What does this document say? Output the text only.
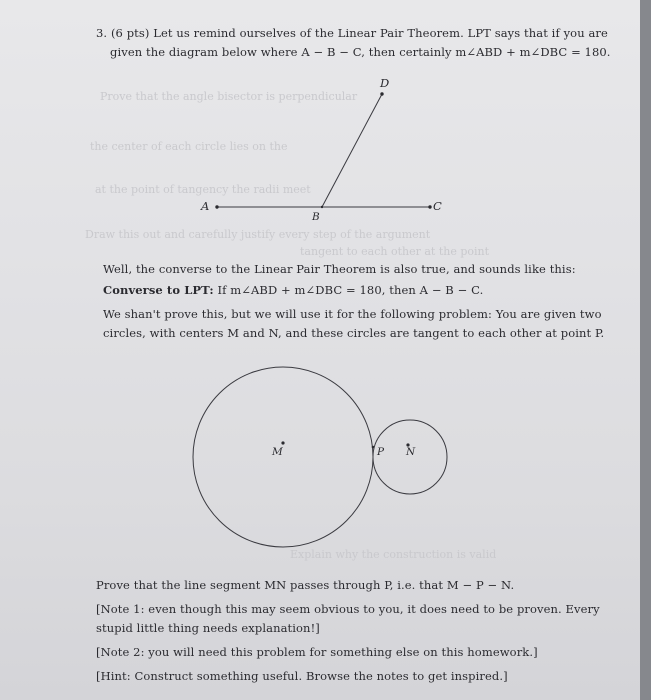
Prove that the angle bisector is perpendicular
the center of each circle lies on the
at the point of tangency the radii meet
Draw this out and carefully justify every step of the argument
tangent to each other at the point
Explain why the construction is valid
3. (6 pts) Let us remind ourselves of the Linear Pair Theorem. LPT says that if you are
given the diagram below where A − B − C, then certainly m∠ABD + m∠DBC = 180.
A	C
D
B
Well, the converse to the Linear Pair Theorem is also true, and sounds like this:
Converse to LPT: If m∠ABD + m∠DBC = 180, then A − B − C.
We shan't prove this, but we will use it for the following problem: You are given two
circles, with centers M and N, and these circles are tangent to each other at point P.
M	P N
Prove that the line segment MN passes through P, i.e. that M − P − N.
[Note 1: even though this may seem obvious to you, it does need to be proven. Every
stupid little thing needs explanation!]
[Note 2: you will need this problem for something else on this homework.]
[Hint: Construct something useful. Browse the notes to get inspired.]
